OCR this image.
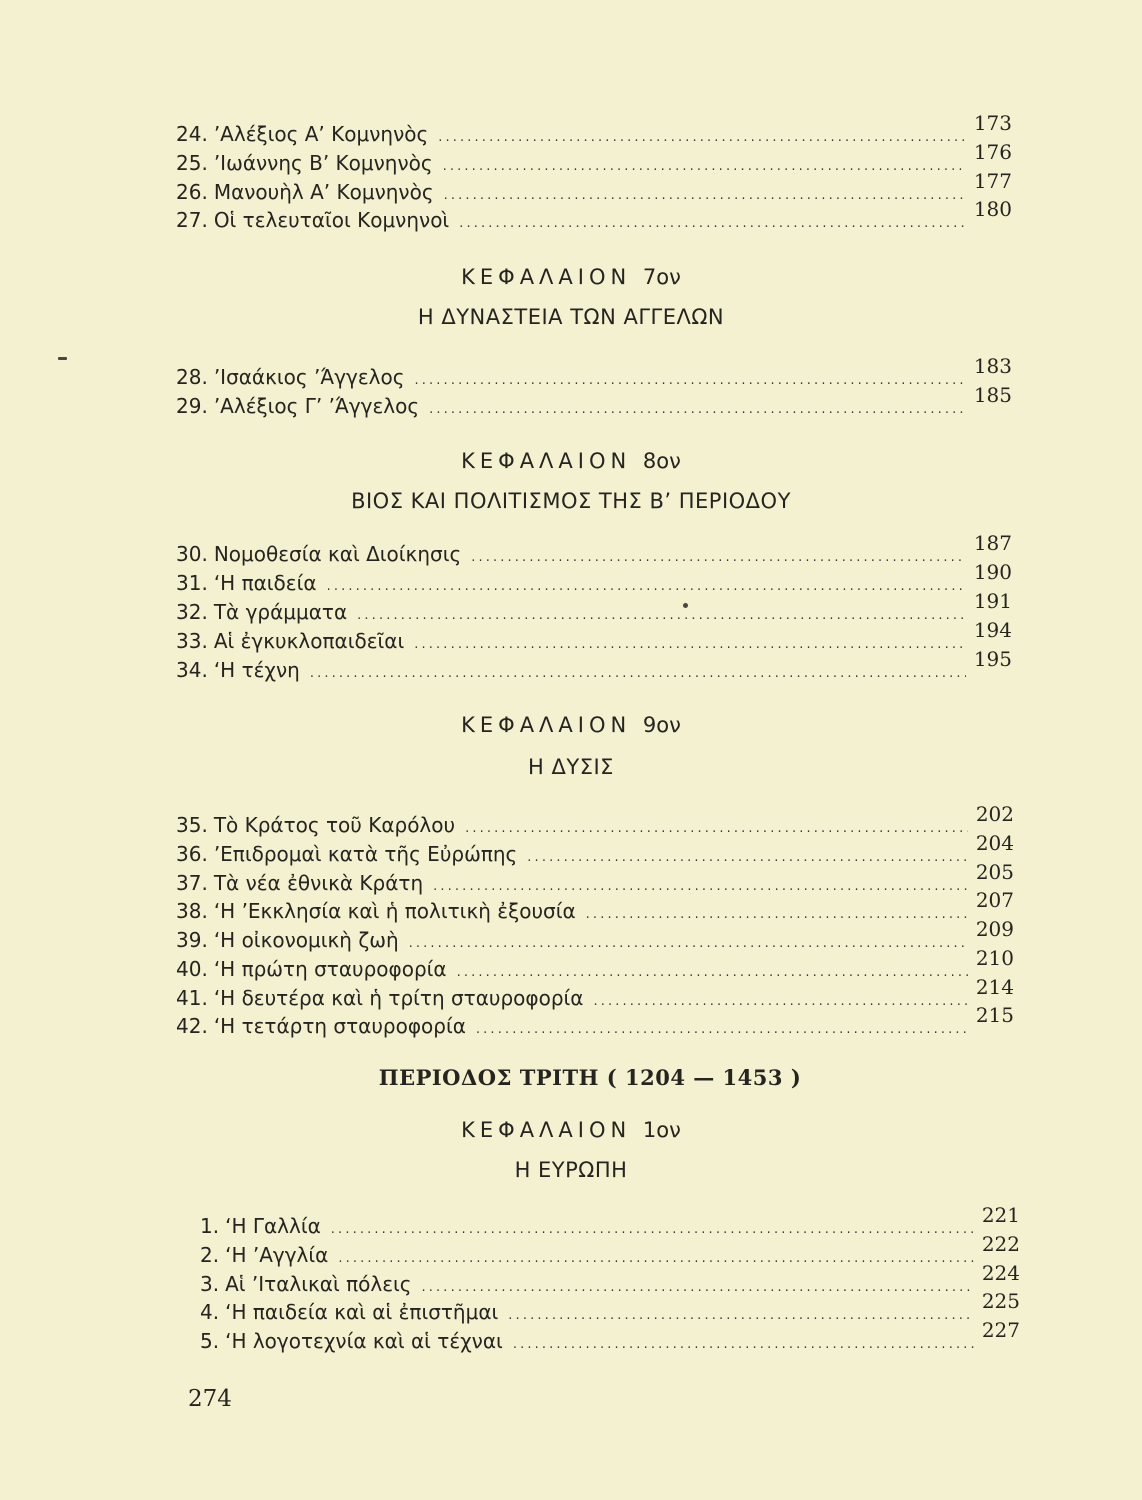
24. ’Αλέξιος Α’ Κομνηνὸς
. . .	173
25. ’Ιωάννης Β’ Κομνηνὸς
. . .	176
26. Μανουὴλ Α’ Κομνηνὸς
. . .	177
27. Οἱ τελευταῖοι Κομνηνοὶ
. . .	180
ΚΕΦΑΛΑΙΟΝ 7ον
Η ΔΥΝΑΣΤΕΙΑ ΤΩΝ ΑΓΓΕΛΩΝ
28. ’Ισαάκιος ’Άγγελος
. . .	183
29. ’Αλέξιος Γ’ ’Άγγελος
. . .	185
ΚΕΦΑΛΑΙΟΝ 8ον
ΒΙΟΣ ΚΑΙ ΠΟΛΙΤΙΣΜΟΣ ΤΗΣ Β’ ΠΕΡΙΟΔΟΥ
30. Νομοθεσία καὶ Διοίκησις
. . .	187
31. ‘Η παιδεία
. . .	190
32. Τὰ γράμματα
. . .	191
33. Αἱ ἐγκυκλοπαιδεῖαι
. . .	194
34. ‘Η τέχνη
. . .	195
ΚΕΦΑΛΑΙΟΝ 9ον
Η ΔΥΣΙΣ
35. Τὸ Κράτος τοῦ Καρόλου
. . .	202
36. ’Επιδρομαὶ κατὰ τῆς Εὐρώπης
. . .	204
37. Τὰ νέα ἐθνικὰ Κράτη
. . .	205
38. ‘Η ’Εκκλησία καὶ ἡ πολιτικὴ ἐξουσία
. . .	207
39. ‘Η οἰκονομικὴ ζωὴ
. . .	209
40. ‘Η πρώτη σταυροφορία
. . .	210
41. ‘Η δευτέρα καὶ ἡ τρίτη σταυροφορία
. . .	214
42. ‘Η τετάρτη σταυροφορία
. . .	215
ΠΕΡΙΟΔΟΣ ΤΡΙΤΗ ( 1204 — 1453 )
ΚΕΦΑΛΑΙΟΝ 1ον
Η ΕΥΡΩΠΗ
1. ‘Η Γαλλία
. . .	221
2. ‘Η ’Αγγλία
. . .	222
3. Αἱ ’Ιταλικαὶ πόλεις
. . .	224
4. ‘Η παιδεία καὶ αἱ ἐπιστῆμαι
. . .	225
5. ‘Η λογοτεχνία καὶ αἱ τέχναι
. . .	227
274
